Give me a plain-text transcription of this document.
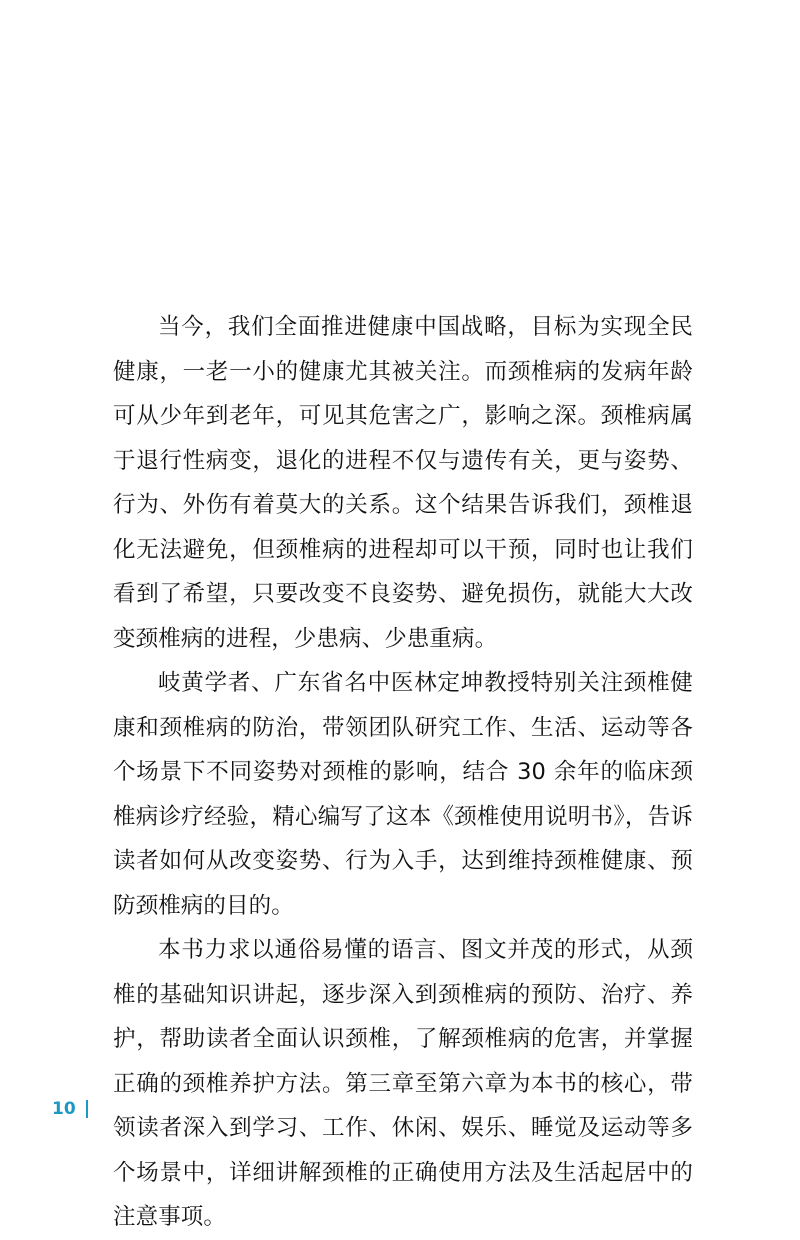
当今，我们全面推进健康中国战略，目标为实现全民健康，一老一小的健康尤其被关注。而颈椎病的发病年龄可从少年到老年，可见其危害之广，影响之深。颈椎病属于退行性病变，退化的进程不仅与遗传有关，更与姿势、行为、外伤有着莫大的关系。这个结果告诉我们，颈椎退化无法避免，但颈椎病的进程却可以干预，同时也让我们看到了希望，只要改变不良姿势、避免损伤，就能大大改变颈椎病的进程，少患病、少患重病。

岐黄学者、广东省名中医林定坤教授特别关注颈椎健康和颈椎病的防治，带领团队研究工作、生活、运动等各个场景下不同姿势对颈椎的影响，结合 30 余年的临床颈椎病诊疗经验，精心编写了这本《颈椎使用说明书》，告诉读者如何从改变姿势、行为入手，达到维持颈椎健康、预防颈椎病的目的。

本书力求以通俗易懂的语言、图文并茂的形式，从颈椎的基础知识讲起，逐步深入到颈椎病的预防、治疗、养护，帮助读者全面认识颈椎，了解颈椎病的危害，并掌握正确的颈椎养护方法。第三章至第六章为本书的核心，带领读者深入到学习、工作、休闲、娱乐、睡觉及运动等多个场景中，详细讲解颈椎的正确使用方法及生活起居中的注意事项。

10
